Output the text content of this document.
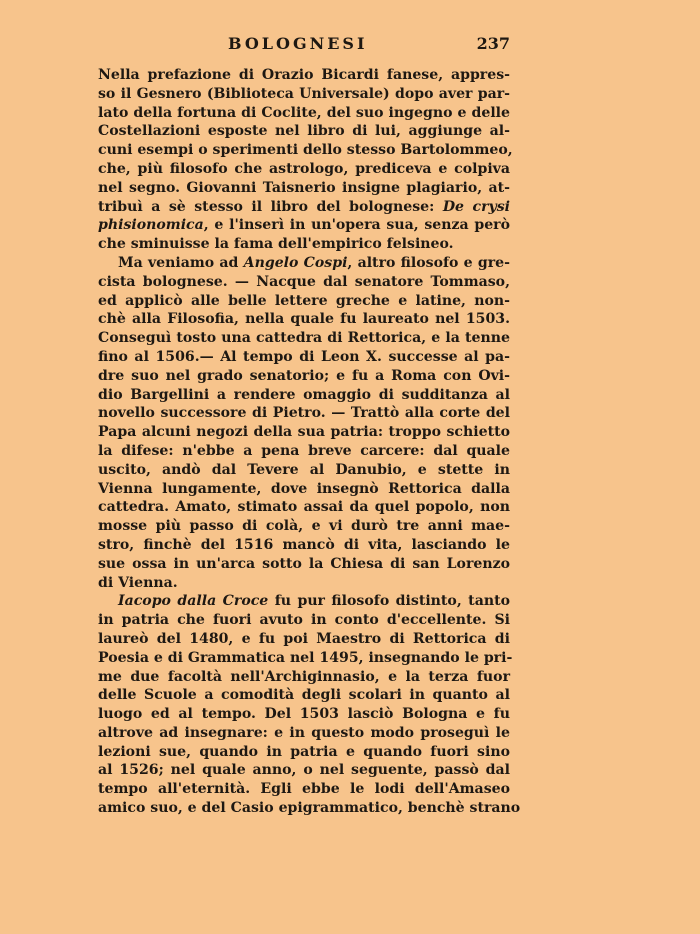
BOLOGNESI	237
Nella prefazione di Orazio Bicardi fanese, appres-
so il Gesnero (Biblioteca Universale) dopo aver par-
lato della fortuna di Coclite, del suo ingegno e delle
Costellazioni esposte nel libro di lui, aggiunge al-
cuni esempi o sperimenti dello stesso Bartolommeo,
che, più filosofo che astrologo, prediceva e colpiva
nel segno. Giovanni Taisnerio insigne plagiario, at-
tribuì a sè stesso il libro del bolognese: De crysi
phisionomica, e l'inserì in un'opera sua, senza però
che sminuisse la fama dell'empirico felsineo.
Ma veniamo ad Angelo Cospi, altro filosofo e gre-
cista bolognese. — Nacque dal senatore Tommaso,
ed applicò alle belle lettere greche e latine, non-
chè alla Filosofia, nella quale fu laureato nel 1503.
Conseguì tosto una cattedra di Rettorica, e la tenne
fino al 1506.— Al tempo di Leon X. successe al pa-
dre suo nel grado senatorio; e fu a Roma con Ovi-
dio Bargellini a rendere omaggio di sudditanza al
novello successore di Pietro. — Trattò alla corte del
Papa alcuni negozi della sua patria: troppo schietto
la difese: n'ebbe a pena breve carcere: dal quale
uscito, andò dal Tevere al Danubio, e stette in
Vienna lungamente, dove insegnò Rettorica dalla
cattedra. Amato, stimato assai da quel popolo, non
mosse più passo di colà, e vi durò tre anni mae-
stro, finchè del 1516 mancò di vita, lasciando le
sue ossa in un'arca sotto la Chiesa di san Lorenzo
di Vienna.
Iacopo dalla Croce fu pur filosofo distinto, tanto
in patria che fuori avuto in conto d'eccellente. Si
laureò del 1480, e fu poi Maestro di Rettorica di
Poesia e di Grammatica nel 1495, insegnando le pri-
me due facoltà nell'Archiginnasio, e la terza fuor
delle Scuole a comodità degli scolari in quanto al
luogo ed al tempo. Del 1503 lasciò Bologna e fu
altrove ad insegnare: e in questo modo proseguì le
lezioni sue, quando in patria e quando fuori sino
al 1526; nel quale anno, o nel seguente, passò dal
tempo all'eternità. Egli ebbe le lodi dell'Amaseo
amico suo, e del Casio epigrammatico, benchè strano
